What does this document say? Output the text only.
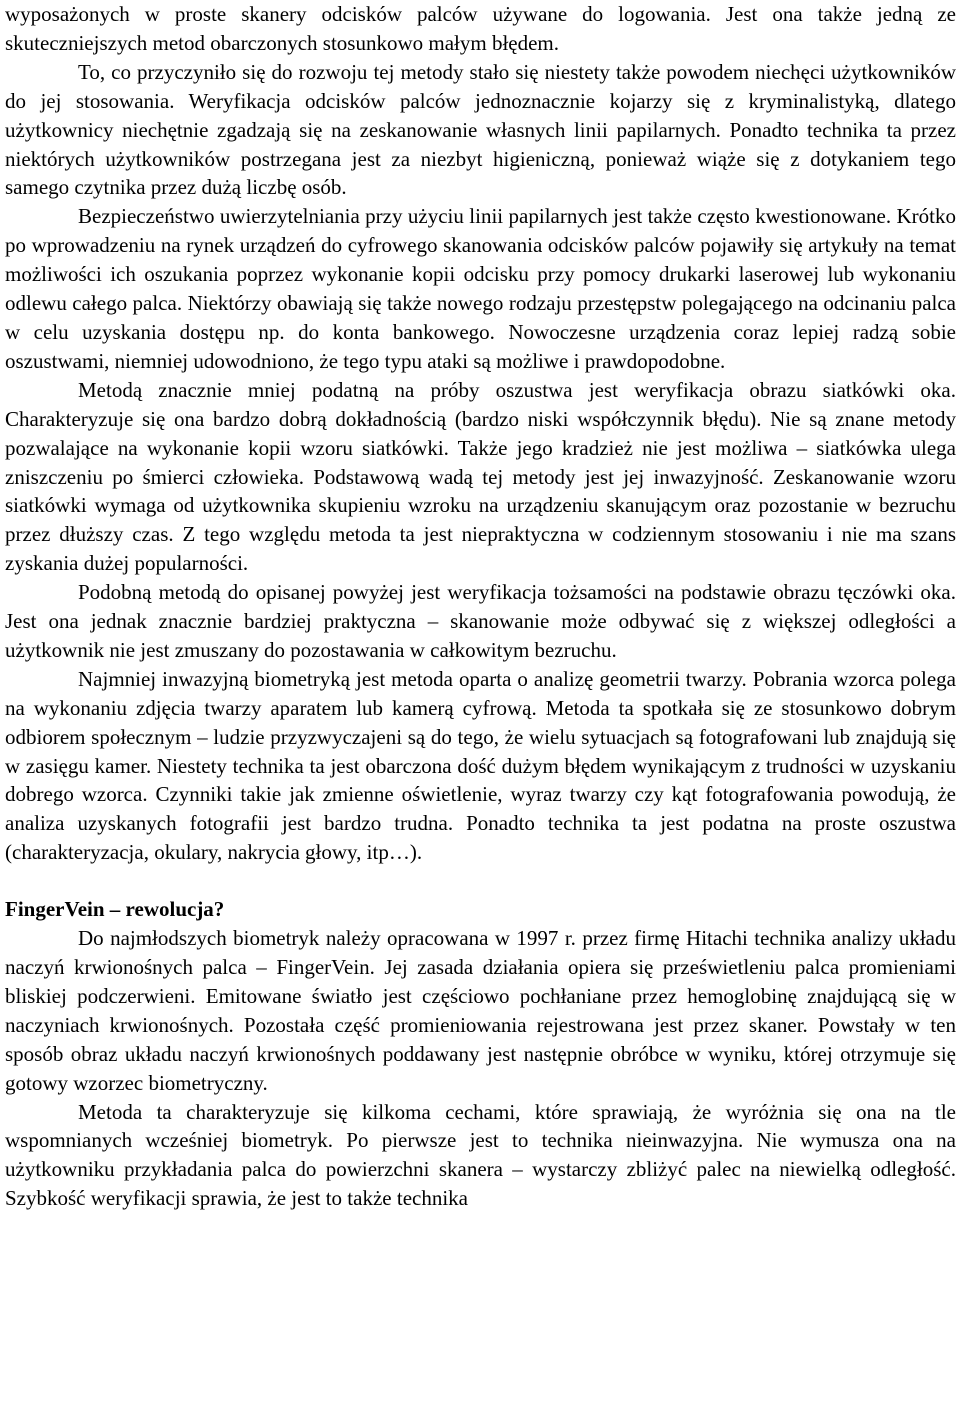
wyposażonych w proste skanery odcisków palców używane do logowania. Jest ona także jedną ze skuteczniejszych metod obarczonych stosunkowo małym błędem.

To, co przyczyniło się do rozwoju tej metody stało się niestety także powodem niechęci użytkowników do jej stosowania. Weryfikacja odcisków palców jednoznacznie kojarzy się z kryminalistyką, dlatego użytkownicy niechętnie zgadzają się na zeskanowanie własnych linii papilarnych. Ponadto technika ta przez niektórych użytkowników postrzegana jest za niezbyt higieniczną, ponieważ wiąże się z dotykaniem tego samego czytnika przez dużą liczbę osób.

Bezpieczeństwo uwierzytelniania przy użyciu linii papilarnych jest także często kwestionowane. Krótko po wprowadzeniu na rynek urządzeń do cyfrowego skanowania odcisków palców pojawiły się artykuły na temat możliwości ich oszukania poprzez wykonanie kopii odcisku przy pomocy drukarki laserowej lub wykonaniu odlewu całego palca. Niektórzy obawiają się także nowego rodzaju przestępstw polegającego na odcinaniu palca w celu uzyskania dostępu np. do konta bankowego. Nowoczesne urządzenia coraz lepiej radzą sobie oszustwami, niemniej udowodniono, że tego typu ataki są możliwe i prawdopodobne.

Metodą znacznie mniej podatną na próby oszustwa jest weryfikacja obrazu siatkówki oka. Charakteryzuje się ona bardzo dobrą dokładnością (bardzo niski współczynnik błędu). Nie są znane metody pozwalające na wykonanie kopii wzoru siatkówki. Także jego kradzież nie jest możliwa – siatkówka ulega zniszczeniu po śmierci człowieka. Podstawową wadą tej metody jest jej inwazyjność. Zeskanowanie wzoru siatkówki wymaga od użytkownika skupieniu wzroku na urządzeniu skanującym oraz pozostanie w bezruchu przez dłuższy czas. Z tego względu metoda ta jest niepraktyczna w codziennym stosowaniu i nie ma szans zyskania dużej popularności.

Podobną metodą do opisanej powyżej jest weryfikacja tożsamości na podstawie obrazu tęczówki oka. Jest ona jednak znacznie bardziej praktyczna – skanowanie może odbywać się z większej odległości a użytkownik nie jest zmuszany do pozostawania w całkowitym bezruchu.

Najmniej inwazyjną biometryką jest metoda oparta o analizę geometrii twarzy. Pobrania wzorca polega na wykonaniu zdjęcia twarzy aparatem lub kamerą cyfrową. Metoda ta spotkała się ze stosunkowo dobrym odbiorem społecznym – ludzie przyzwyczajeni są do tego, że wielu sytuacjach są fotografowani lub znajdują się w zasięgu kamer. Niestety technika ta jest obarczona dość dużym błędem wynikającym z trudności w uzyskaniu dobrego wzorca. Czynniki takie jak zmienne oświetlenie, wyraz twarzy czy kąt fotografowania powodują, że analiza uzyskanych fotografii jest bardzo trudna. Ponadto technika ta jest podatna na proste oszustwa (charakteryzacja, okulary, nakrycia głowy, itp…).

FingerVein – rewolucja?

Do najmłodszych biometryk należy opracowana w 1997 r. przez firmę Hitachi technika analizy układu naczyń krwionośnych palca – FingerVein. Jej zasada działania opiera się prześwietleniu palca promieniami bliskiej podczerwieni. Emitowane światło jest częściowo pochłaniane przez hemoglobinę znajdującą się w naczyniach krwionośnych. Pozostała część promieniowania rejestrowana jest przez skaner. Powstały w ten sposób obraz układu naczyń krwionośnych poddawany jest następnie obróbce w wyniku, której otrzymuje się gotowy wzorzec biometryczny.

Metoda ta charakteryzuje się kilkoma cechami, które sprawiają, że wyróżnia się ona na tle wspomnianych wcześniej biometryk. Po pierwsze jest to technika nieinwazyjna. Nie wymusza ona na użytkowniku przykładania palca do powierzchni skanera – wystarczy zbliżyć palec na niewielką odległość. Szybkość weryfikacji sprawia, że jest to także technika
